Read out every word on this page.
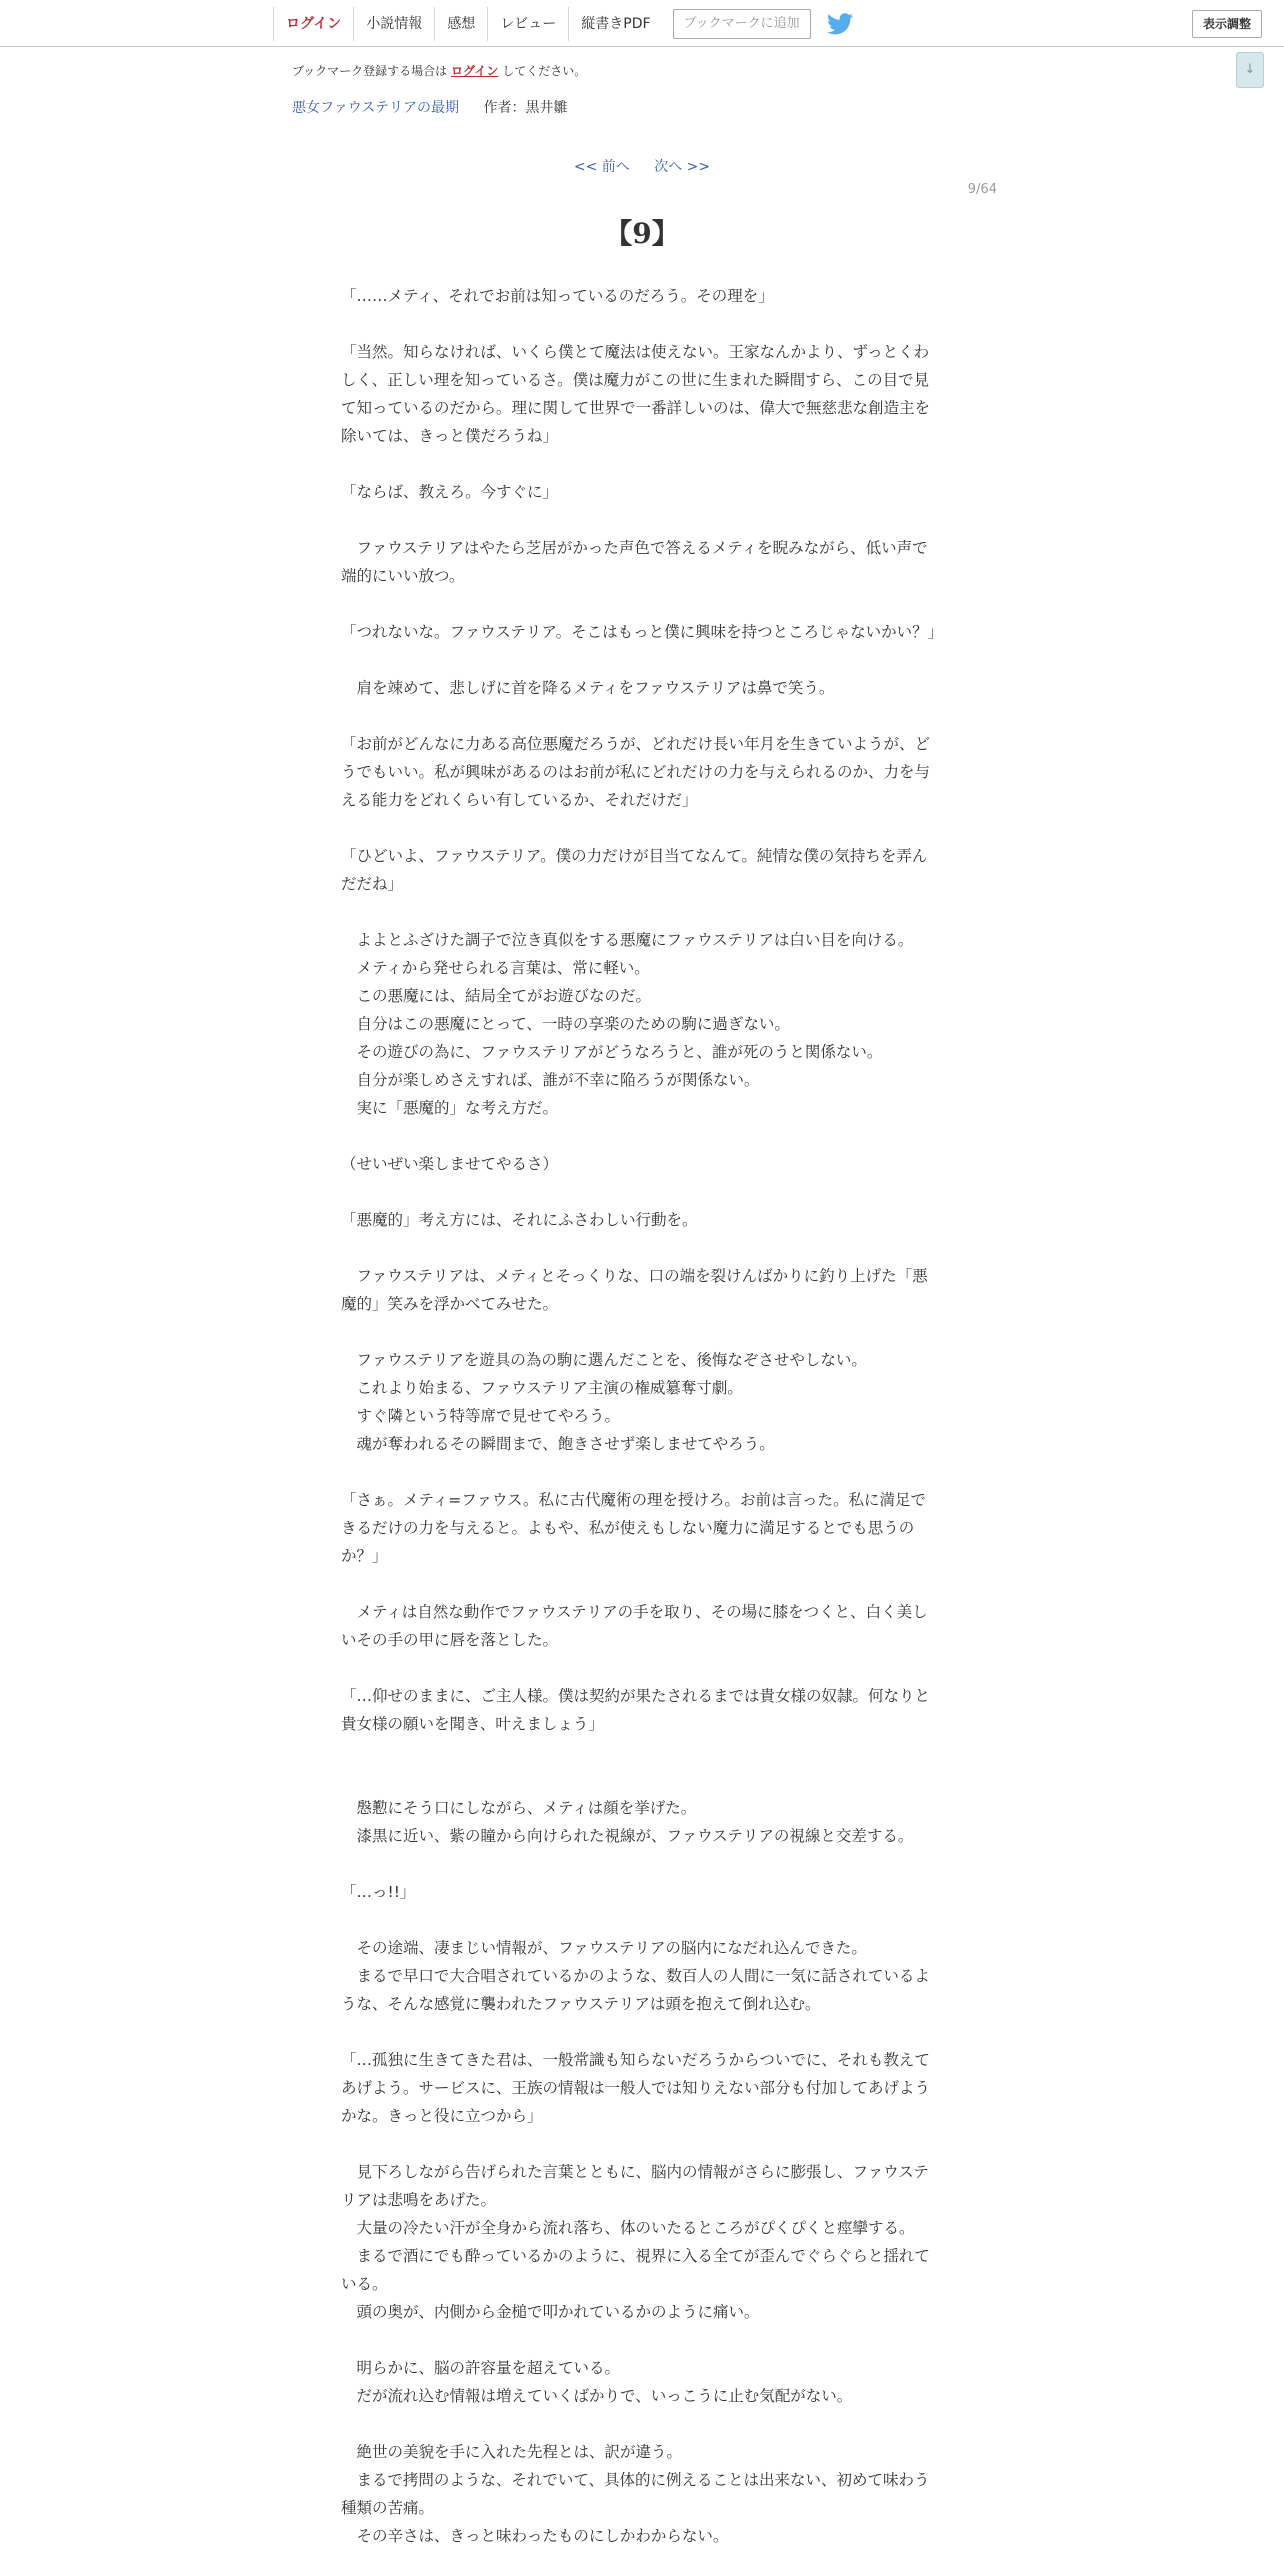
ログイン	小説情報	感想	レビュー	縦書きPDF	ブックマークに追加	表示調整
↓
ブックマーク登録する場合は ログイン してください。
悪女ファウステリアの最期 作者：黒井雛
<< 前へ 次へ >>
9/64
【9】

「……メティ、それでお前は知っているのだろう。その理を」

「当然。知らなければ、いくら僕とて魔法は使えない。王家なんかより、ずっとくわしく、正しい理を知っているさ。僕は魔力がこの世に生まれた瞬間すら、この目で見て知っているのだから。理に関して世界で一番詳しいのは、偉大で無慈悲な創造主を除いては、きっと僕だろうね」

「ならば、教えろ。今すぐに」

　ファウステリアはやたら芝居がかった声色で答えるメティを睨みながら、低い声で端的にいい放つ。

「つれないな。ファウステリア。そこはもっと僕に興味を持つところじゃないかい？」

　肩を竦めて、悲しげに首を降るメティをファウステリアは鼻で笑う。

「お前がどんなに力ある高位悪魔だろうが、どれだけ長い年月を生きていようが、どうでもいい。私が興味があるのはお前が私にどれだけの力を与えられるのか、力を与える能力をどれくらい有しているか、それだけだ」

「ひどいよ、ファウステリア。僕の力だけが目当てなんて。純情な僕の気持ちを弄んだだね」

　よよとふざけた調子で泣き真似をする悪魔にファウステリアは白い目を向ける。

　メティから発せられる言葉は、常に軽い。

　この悪魔には、結局全てがお遊びなのだ。

　自分はこの悪魔にとって、一時の享楽のための駒に過ぎない。

　その遊びの為に、ファウステリアがどうなろうと、誰が死のうと関係ない。

　自分が楽しめさえすれば、誰が不幸に陥ろうが関係ない。

　実に「悪魔的」な考え方だ。

（せいぜい楽しませてやるさ）

「悪魔的」考え方には、それにふさわしい行動を。

　ファウステリアは、メティとそっくりな、口の端を裂けんばかりに釣り上げた「悪魔的」笑みを浮かべてみせた。

　ファウステリアを遊具の為の駒に選んだことを、後悔なぞさせやしない。

　これより始まる、ファウステリア主演の権威簒奪寸劇。

　すぐ隣という特等席で見せてやろう。

　魂が奪われるその瞬間まで、飽きさせず楽しませてやろう。

「さぁ。メティ=ファウス。私に古代魔術の理を授けろ。お前は言った。私に満足できるだけの力を与えると。よもや、私が使えもしない魔力に満足するとでも思うのか？」

　メティは自然な動作でファウステリアの手を取り、その場に膝をつくと、白く美しいその手の甲に唇を落とした。

「…仰せのままに、ご主人様。僕は契約が果たされるまでは貴女様の奴隷。何なりと貴女様の願いを聞き、叶えましょう」

　慇懃にそう口にしながら、メティは顔を挙げた。

　漆黒に近い、紫の瞳から向けられた視線が、ファウステリアの視線と交差する。

「…っ!!」

　その途端、凄まじい情報が、ファウステリアの脳内になだれ込んできた。

　まるで早口で大合唱されているかのような、数百人の人間に一気に話されているような、そんな感覚に襲われたファウステリアは頭を抱えて倒れ込む。

「…孤独に生きてきた君は、一般常識も知らないだろうからついでに、それも教えてあげよう。サービスに、王族の情報は一般人では知りえない部分も付加してあげようかな。きっと役に立つから」

　見下ろしながら告げられた言葉とともに、脳内の情報がさらに膨張し、ファウステリアは悲鳴をあげた。

　大量の冷たい汗が全身から流れ落ち、体のいたるところがぴくぴくと痙攣する。

　まるで酒にでも酔っているかのように、視界に入る全てが歪んでぐらぐらと揺れている。

　頭の奥が、内側から金槌で叩かれているかのように痛い。

　明らかに、脳の許容量を超えている。

　だが流れ込む情報は増えていくばかりで、いっこうに止む気配がない。

　絶世の美貌を手に入れた先程とは、訳が違う。

　まるで拷問のような、それでいて、具体的に例えることは出来ない、初めて味わう種類の苦痛。

　その辛さは、きっと味わったものにしかわからない。
